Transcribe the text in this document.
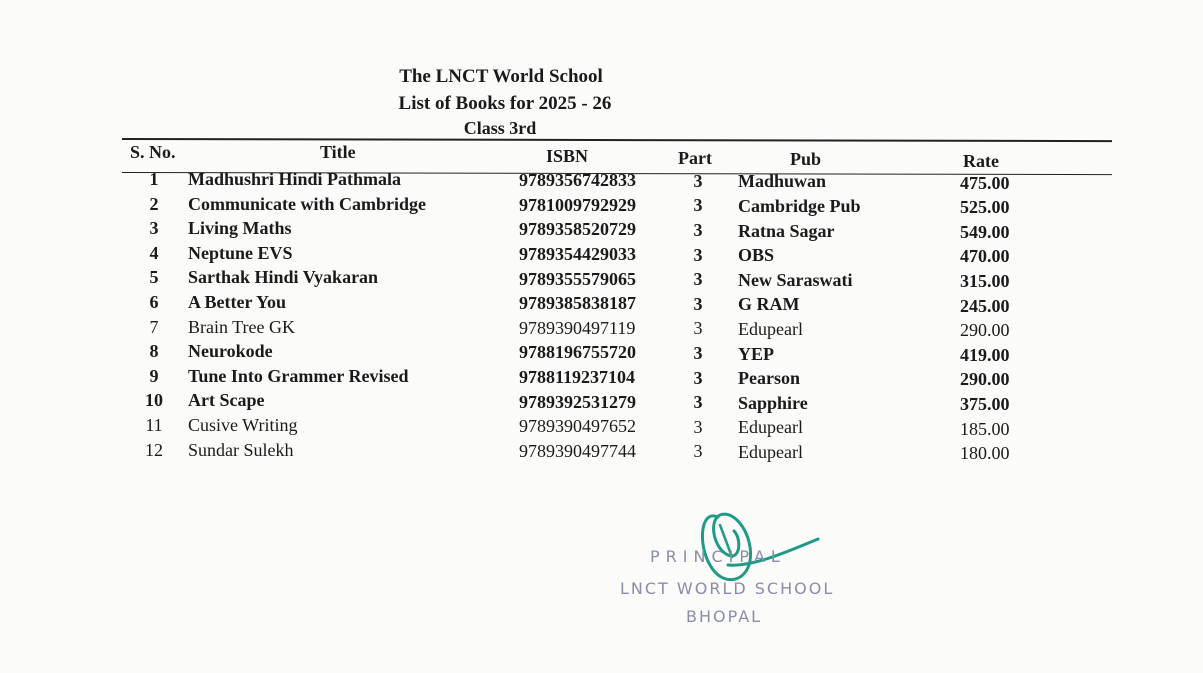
The LNCT World School
List of Books for 2025 - 26
Class 3rd
S. No.	Title	ISBN	Part	Pub	Rate
1	Madhushri Hindi Pathmala	9789356742833	3	Madhuwan	475.00
2	Communicate with Cambridge	9781009792929	3	Cambridge Pub	525.00
3	Living Maths	9789358520729	3	Ratna Sagar	549.00
4	Neptune EVS	9789354429033	3	OBS	470.00
5	Sarthak Hindi Vyakaran	9789355579065	3	New Saraswati	315.00
6	A Better You	9789385838187	3	G RAM	245.00
7	Brain Tree GK	9789390497119	3	Edupearl	290.00
8	Neurokode	9788196755720	3	YEP	419.00
9	Tune Into Grammer Revised	9788119237104	3	Pearson	290.00
10	Art Scape	9789392531279	3	Sapphire	375.00
11	Cusive Writing	9789390497652	3	Edupearl	185.00
12	Sundar Sulekh	9789390497744	3	Edupearl	180.00
PRINCIPAL
LNCT WORLD SCHOOL
BHOPAL
